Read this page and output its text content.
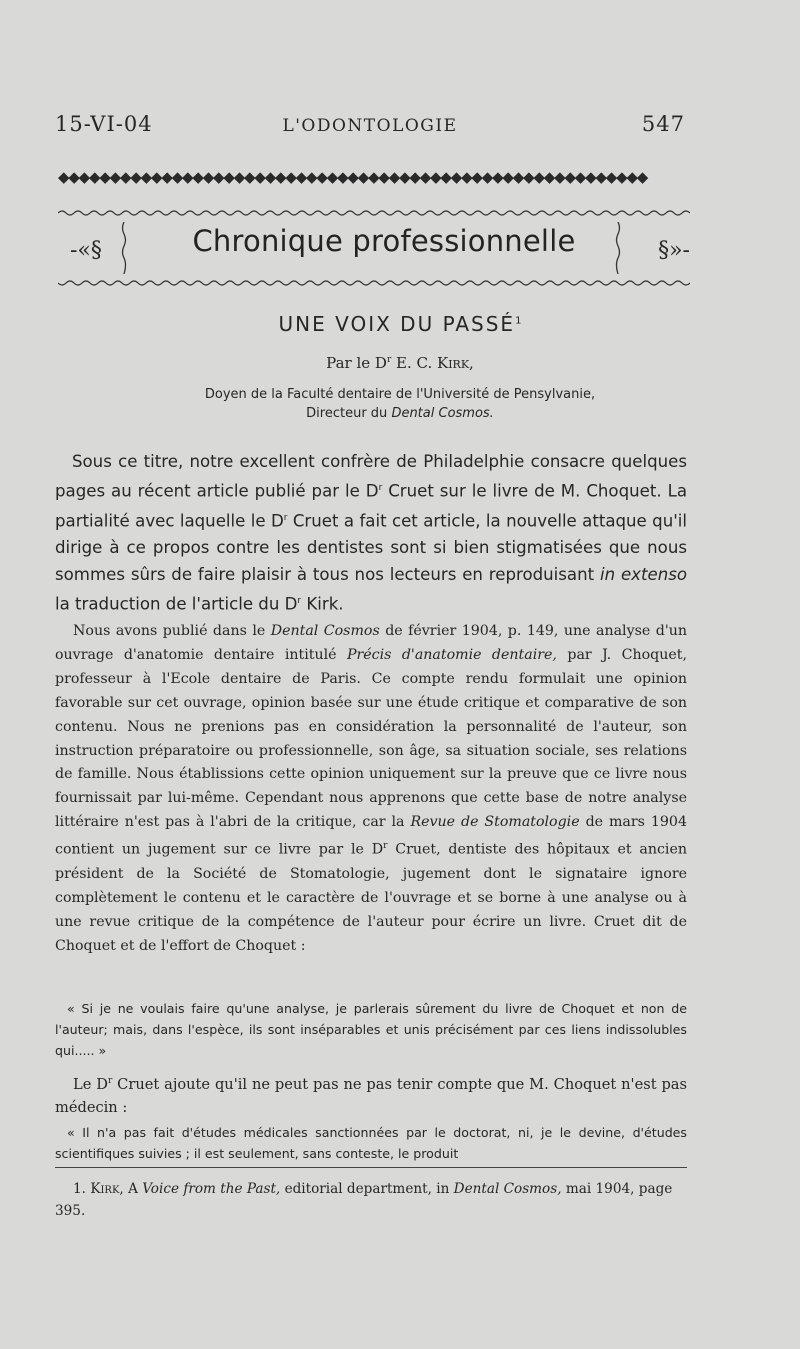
15-VI-04	L'ODONTOLOGIE	547
◆◆◆◆◆◆◆◆◆◆◆◆◆◆◆◆◆◆◆◆◆◆◆◆◆◆◆◆◆◆◆◆◆◆◆◆◆◆◆◆◆◆◆◆◆◆◆◆◆◆◆◆◆◆◆◆◆
-«§	Chronique professionnelle	§»-
UNE VOIX DU PASSÉ$^1$
Par le $D^r$ E. C. Kirk,
Doyen de la Faculté dentaire de l'Université de Pensylvanie,
Directeur du Dental Cosmos.

Sous ce titre, notre excellent confrère de Philadelphie consacre quelques pages au récent article publié par le $D^r$ Cruet sur le livre de M. Choquet. La partialité avec laquelle le $D^r$ Cruet a fait cet article, la nouvelle attaque qu'il dirige à ce propos contre les dentistes sont si bien stigmatisées que nous sommes sûrs de faire plaisir à tous nos lecteurs en reproduisant in extenso la traduction de l'article du $D^r$ Kirk.

Nous avons publié dans le Dental Cosmos de février 1904, p. 149, une analyse d'un ouvrage d'anatomie dentaire intitulé Précis d'anatomie dentaire, par J. Choquet, professeur à l'Ecole dentaire de Paris. Ce compte rendu formulait une opinion favorable sur cet ouvrage, opinion basée sur une étude critique et comparative de son contenu. Nous ne prenions pas en considération la personnalité de l'auteur, son instruction préparatoire ou professionnelle, son âge, sa situation sociale, ses relations de famille. Nous établissions cette opinion uniquement sur la preuve que ce livre nous fournissait par lui-même. Cependant nous apprenons que cette base de notre analyse littéraire n'est pas à l'abri de la critique, car la Revue de Stomatologie de mars 1904 contient un jugement sur ce livre par le $D^r$ Cruet, dentiste des hôpitaux et ancien président de la Société de Stomatologie, jugement dont le signataire ignore complètement le contenu et le caractère de l'ouvrage et se borne à une analyse ou à une revue critique de la compétence de l'auteur pour écrire un livre. Cruet dit de Choquet et de l'effort de Choquet :

« Si je ne voulais faire qu'une analyse, je parlerais sûrement du livre de Choquet et non de l'auteur; mais, dans l'espèce, ils sont inséparables et unis précisément par ces liens indissolubles qui..... »

Le $D^r$ Cruet ajoute qu'il ne peut pas ne pas tenir compte que M. Choquet n'est pas médecin :

« Il n'a pas fait d'études médicales sanctionnées par le doctorat, ni, je le devine, d'études scientifiques suivies ; il est seulement, sans conteste, le produit

1. Kirk, A Voice from the Past, editorial department, in Dental Cosmos, mai 1904, page 395.
